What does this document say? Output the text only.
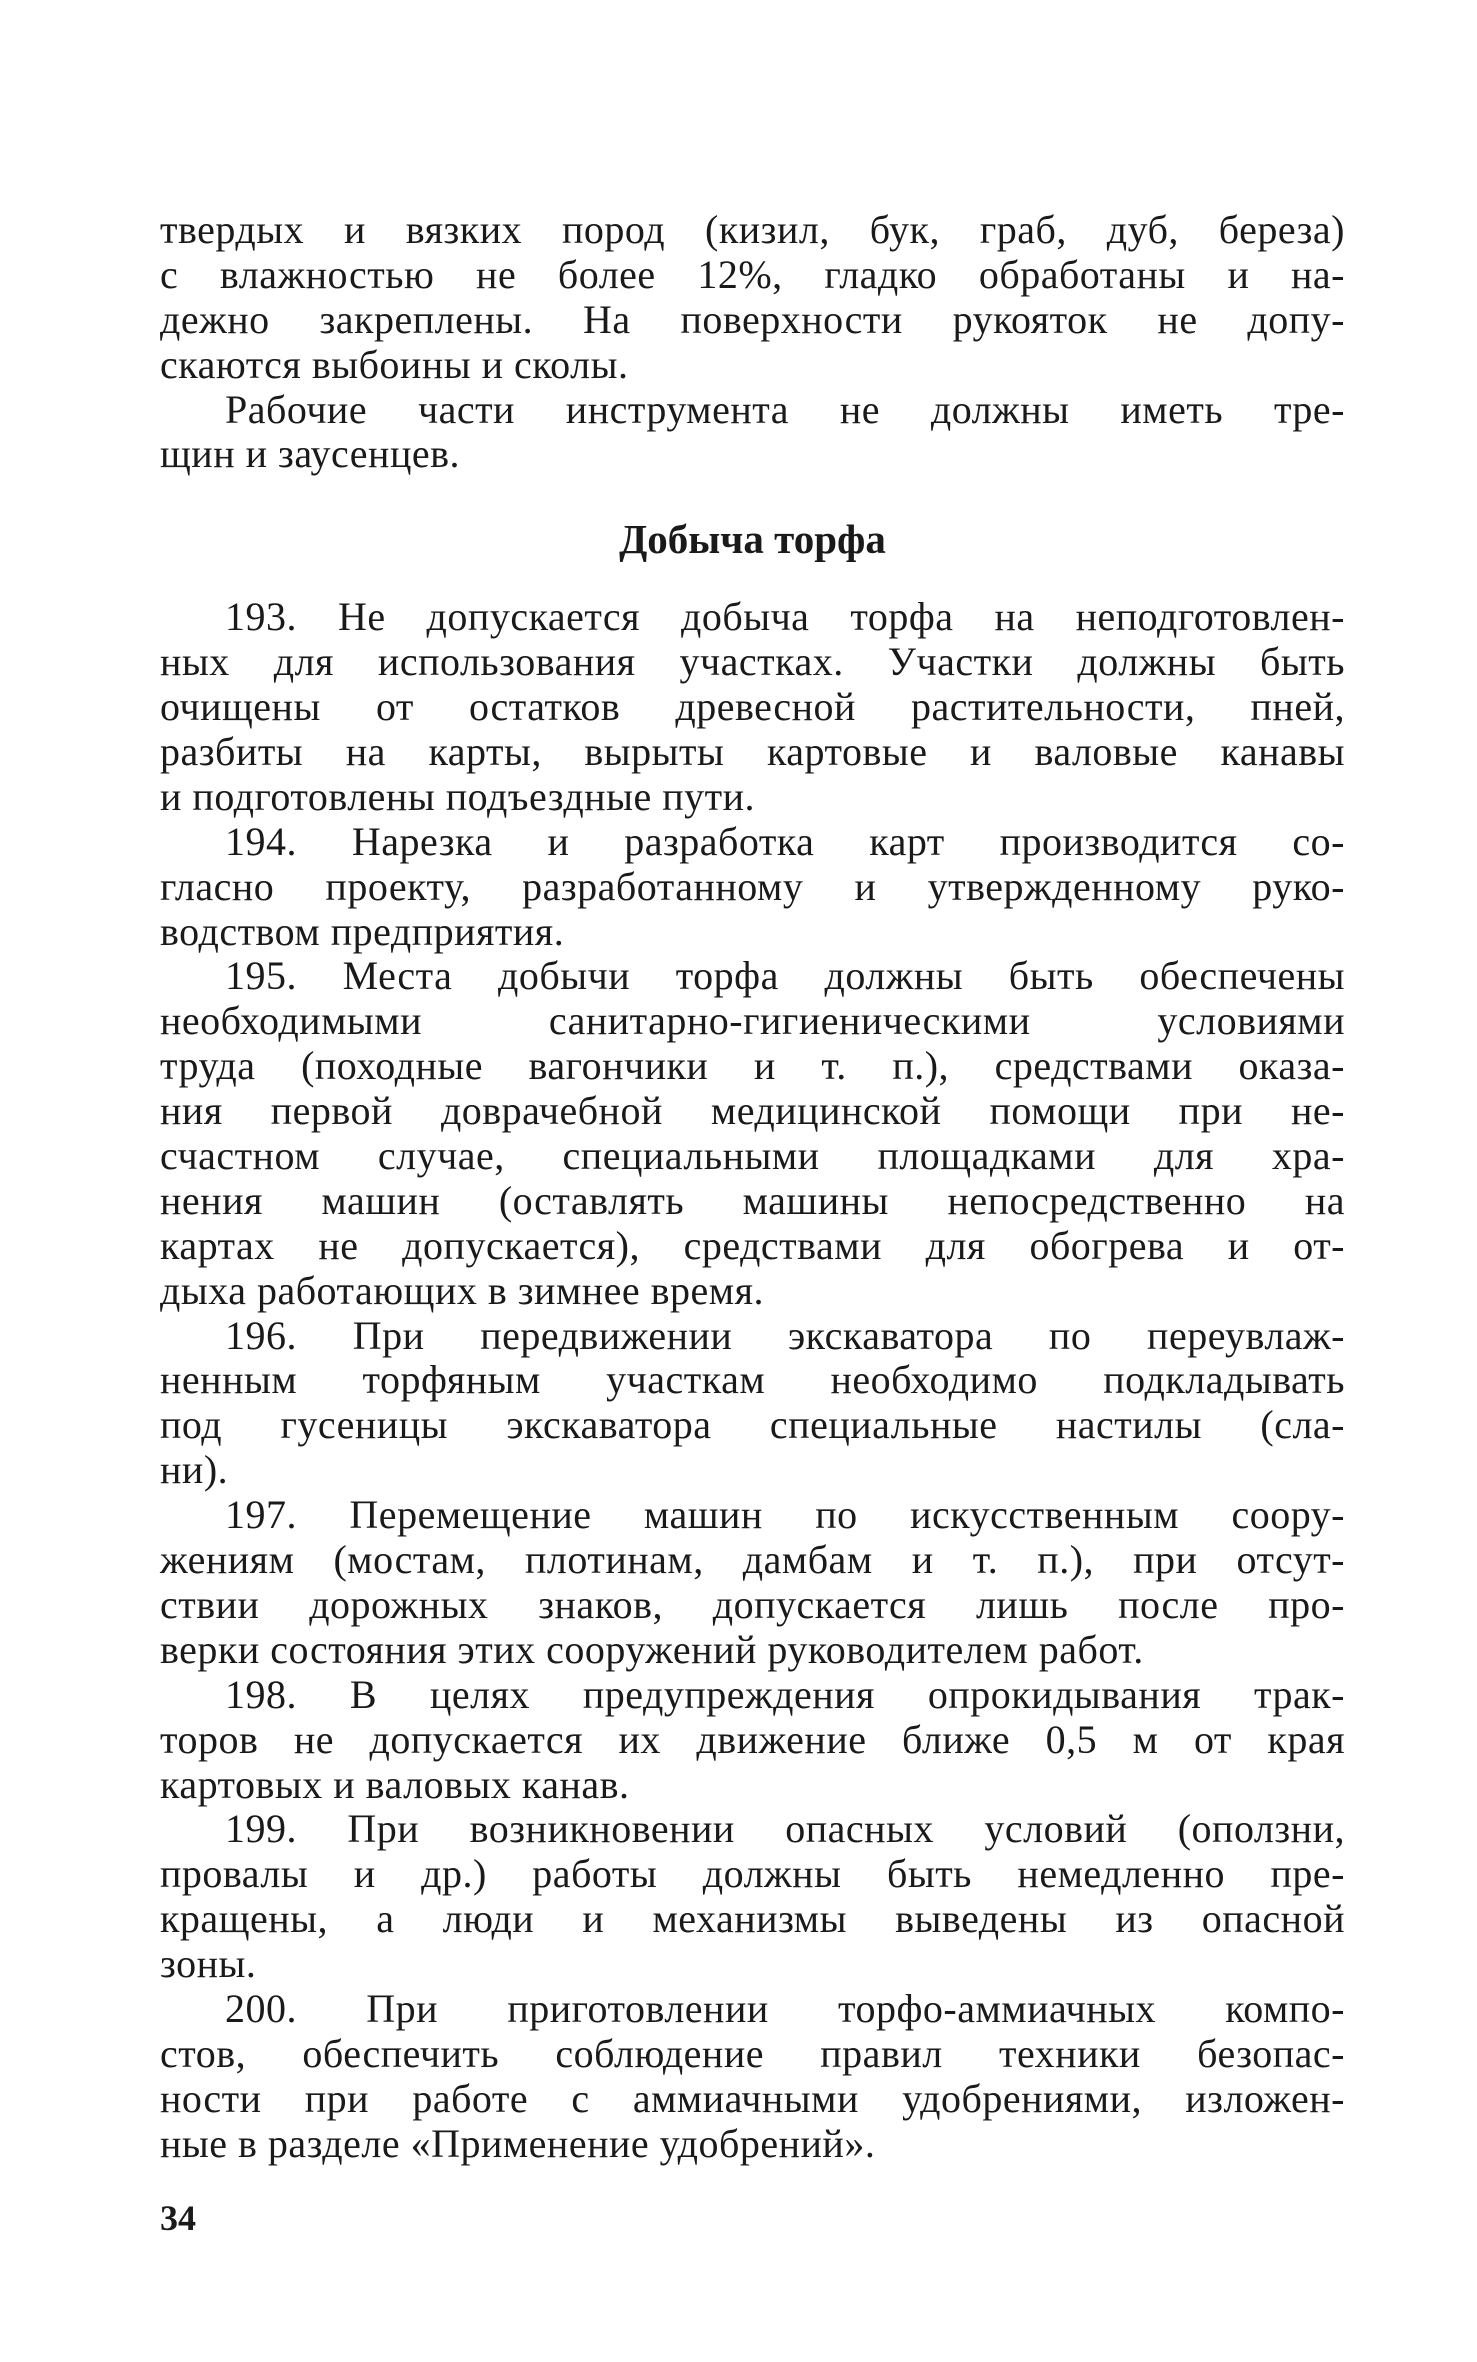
твердых и вязких пород (кизил, бук, граб, дуб, береза)
с влажностью не более 12%, гладко обработаны и на-
дежно закреплены. На поверхности рукояток не допу-
скаются выбоины и сколы.
Рабочие части инструмента не должны иметь тре-
щин и заусенцев.
Добыча торфа
193. Не допускается добыча торфа на неподготовлен-
ных для использования участках. Участки должны быть
очищены от остатков древесной растительности, пней,
разбиты на карты, вырыты картовые и валовые канавы
и подготовлены подъездные пути.
194. Нарезка и разработка карт производится со-
гласно проекту, разработанному и утвержденному руко-
водством предприятия.
195. Места добычи торфа должны быть обеспечены
необходимыми санитарно-гигиеническими условиями
труда (походные вагончики и т. п.), средствами оказа-
ния первой доврачебной медицинской помощи при не-
счастном случае, специальными площадками для хра-
нения машин (оставлять машины непосредственно на
картах не допускается), средствами для обогрева и от-
дыха работающих в зимнее время.
196. При передвижении экскаватора по переувлаж-
ненным торфяным участкам необходимо подкладывать
под гусеницы экскаватора специальные настилы (сла-
ни).
197. Перемещение машин по искусственным соору-
жениям (мостам, плотинам, дамбам и т. п.), при отсут-
ствии дорожных знаков, допускается лишь после про-
верки состояния этих сооружений руководителем работ.
198. В целях предупреждения опрокидывания трак-
торов не допускается их движение ближе 0,5 м от края
картовых и валовых канав.
199. При возникновении опасных условий (оползни,
провалы и др.) работы должны быть немедленно пре-
кращены, а люди и механизмы выведены из опасной
зоны.
200. При приготовлении торфо-аммиачных компо-
стов, обеспечить соблюдение правил техники безопас-
ности при работе с аммиачными удобрениями, изложен-
ные в разделе «Применение удобрений».
34
